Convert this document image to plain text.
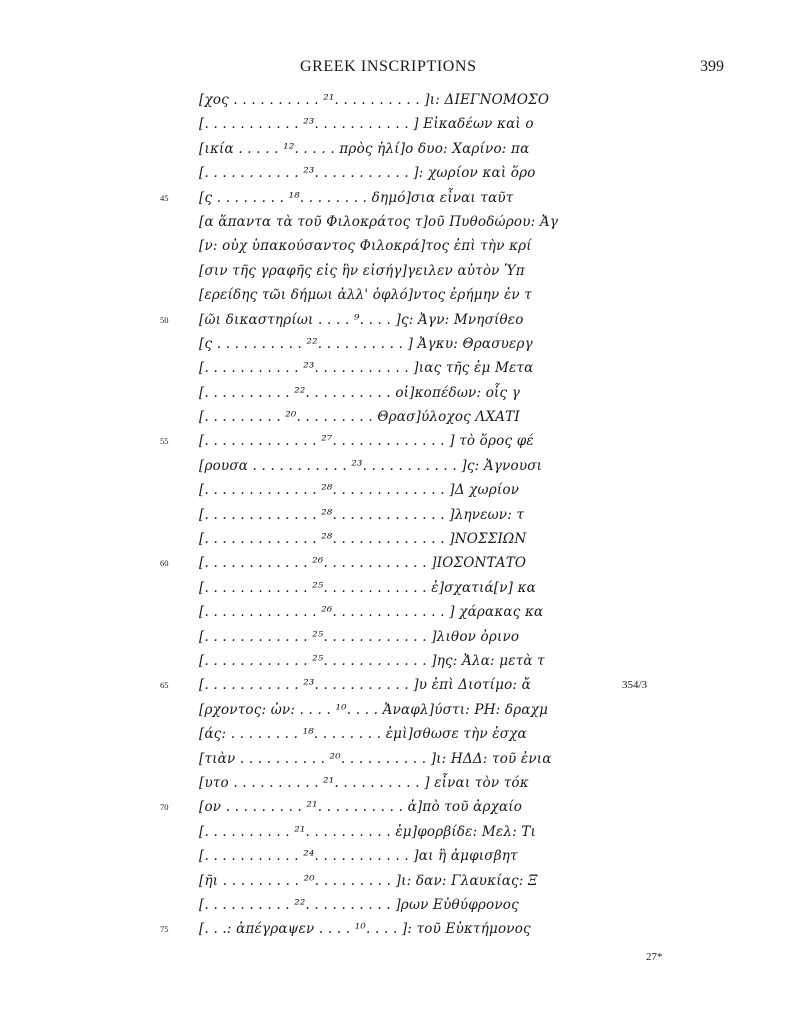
GREEK INSCRIPTIONS	399
[χος . . . . . . . . . . ²¹. . . . . . . . . . ]ι: ΔΙΕΓΝΟΜΟΣΟ
[. . . . . . . . . . . ²³. . . . . . . . . . . ] Εἰκαδέων καὶ ο
[ικία . . . . . ¹². . . . . πρὸς ἡλί]ο δυο: Χαρίνο: πα
[. . . . . . . . . . . ²³. . . . . . . . . . . ]: χωρίον καὶ ὅρο
45	[ς . . . . . . . . ¹⁸. . . . . . . . δημό]σια εἶναι ταῦτ
[α ἅπαντα τὰ τοῦ Φιλοκράτος τ]οῦ Πυθοδώρου: Ἀγ
[ν: οὐχ ὑπακούσαντος Φιλοκρά]τος ἐπὶ τὴν κρί
[σιν τῆς γραφῆς εἰς ἣν εἰσήγ]γειλεν αὐτὸν Ὑπ
[ερείδης τῶι δήμωι ἀλλ' ὀφλό]ντος ἐρήμην ἐν τ
50	[ῶι δικαστηρίωι . . . . ⁹. . . . ]ς: Ἀγν: Μνησίθεο
[ς . . . . . . . . . . ²². . . . . . . . . . ] Ἀγκυ: Θρασυεργ
[. . . . . . . . . . . ²³. . . . . . . . . . . ]ιας τῆς ἐμ Μετα
[. . . . . . . . . . ²². . . . . . . . . . οἱ]κοπέδων: οἷς γ
[. . . . . . . . . ²⁰. . . . . . . . . Θρασ]ύλοχος ΛΧΑΤΙ
55	[. . . . . . . . . . . . . ²⁷. . . . . . . . . . . . . ] τὸ ὅρος φέ
[ρουσα . . . . . . . . . . . ²³. . . . . . . . . . . ]ς: Ἀγνουσι
[. . . . . . . . . . . . . ²⁸. . . . . . . . . . . . . ]Δ χωρίον
[. . . . . . . . . . . . . ²⁸. . . . . . . . . . . . . ]ληνεων: τ
[. . . . . . . . . . . . . ²⁸. . . . . . . . . . . . . ]ΝΟΣΣΙΩΝ
60	[. . . . . . . . . . . . ²⁶. . . . . . . . . . . . ]ΙΟΣΟΝΤΑΤΟ
[. . . . . . . . . . . . ²⁵. . . . . . . . . . . . ἐ]σχατιά[ν] κα
[. . . . . . . . . . . . . ²⁶. . . . . . . . . . . . . ] χάρακας κα
[. . . . . . . . . . . . ²⁵. . . . . . . . . . . . ]λιθον ὀρινο
[. . . . . . . . . . . . ²⁵. . . . . . . . . . . . ]ης: Ἀλα: μετὰ τ
65	[. . . . . . . . . . . ²³. . . . . . . . . . . ]υ ἐπὶ Διοτίμο: ἄ	354/3
[ρχοντος: ὠν: . . . . ¹⁰. . . . Ἀναφλ]ύστι: ΡΗ: δραχμ
[άς: . . . . . . . . ¹⁸. . . . . . . . ἐμὶ]σθωσε τὴν ἐσχα
[τιὰν . . . . . . . . . . ²⁰. . . . . . . . . . ]ι: ΗΔΔ: τοῦ ἐνια
[υτο . . . . . . . . . . ²¹. . . . . . . . . . ] εἶναι τὸν τόκ
70	[ον . . . . . . . . . ²¹. . . . . . . . . . ἀ]πὸ τοῦ ἀρχαίο
[. . . . . . . . . . ²¹. . . . . . . . . . ἐμ]φορβίδε: Μελ: Τι
[. . . . . . . . . . . ²⁴. . . . . . . . . . . ]αι ἣ ἀμφισβητ
[ῆι . . . . . . . . . ²⁰. . . . . . . . . ]ι: δαν: Γλαυκίας: Ξ
[. . . . . . . . . . ²². . . . . . . . . . ]ρων Εὐθύφρονος
75	[. . .: ἀπέγραψεν . . . . ¹⁰. . . . ]: τοῦ Εὐκτήμονος
27*
